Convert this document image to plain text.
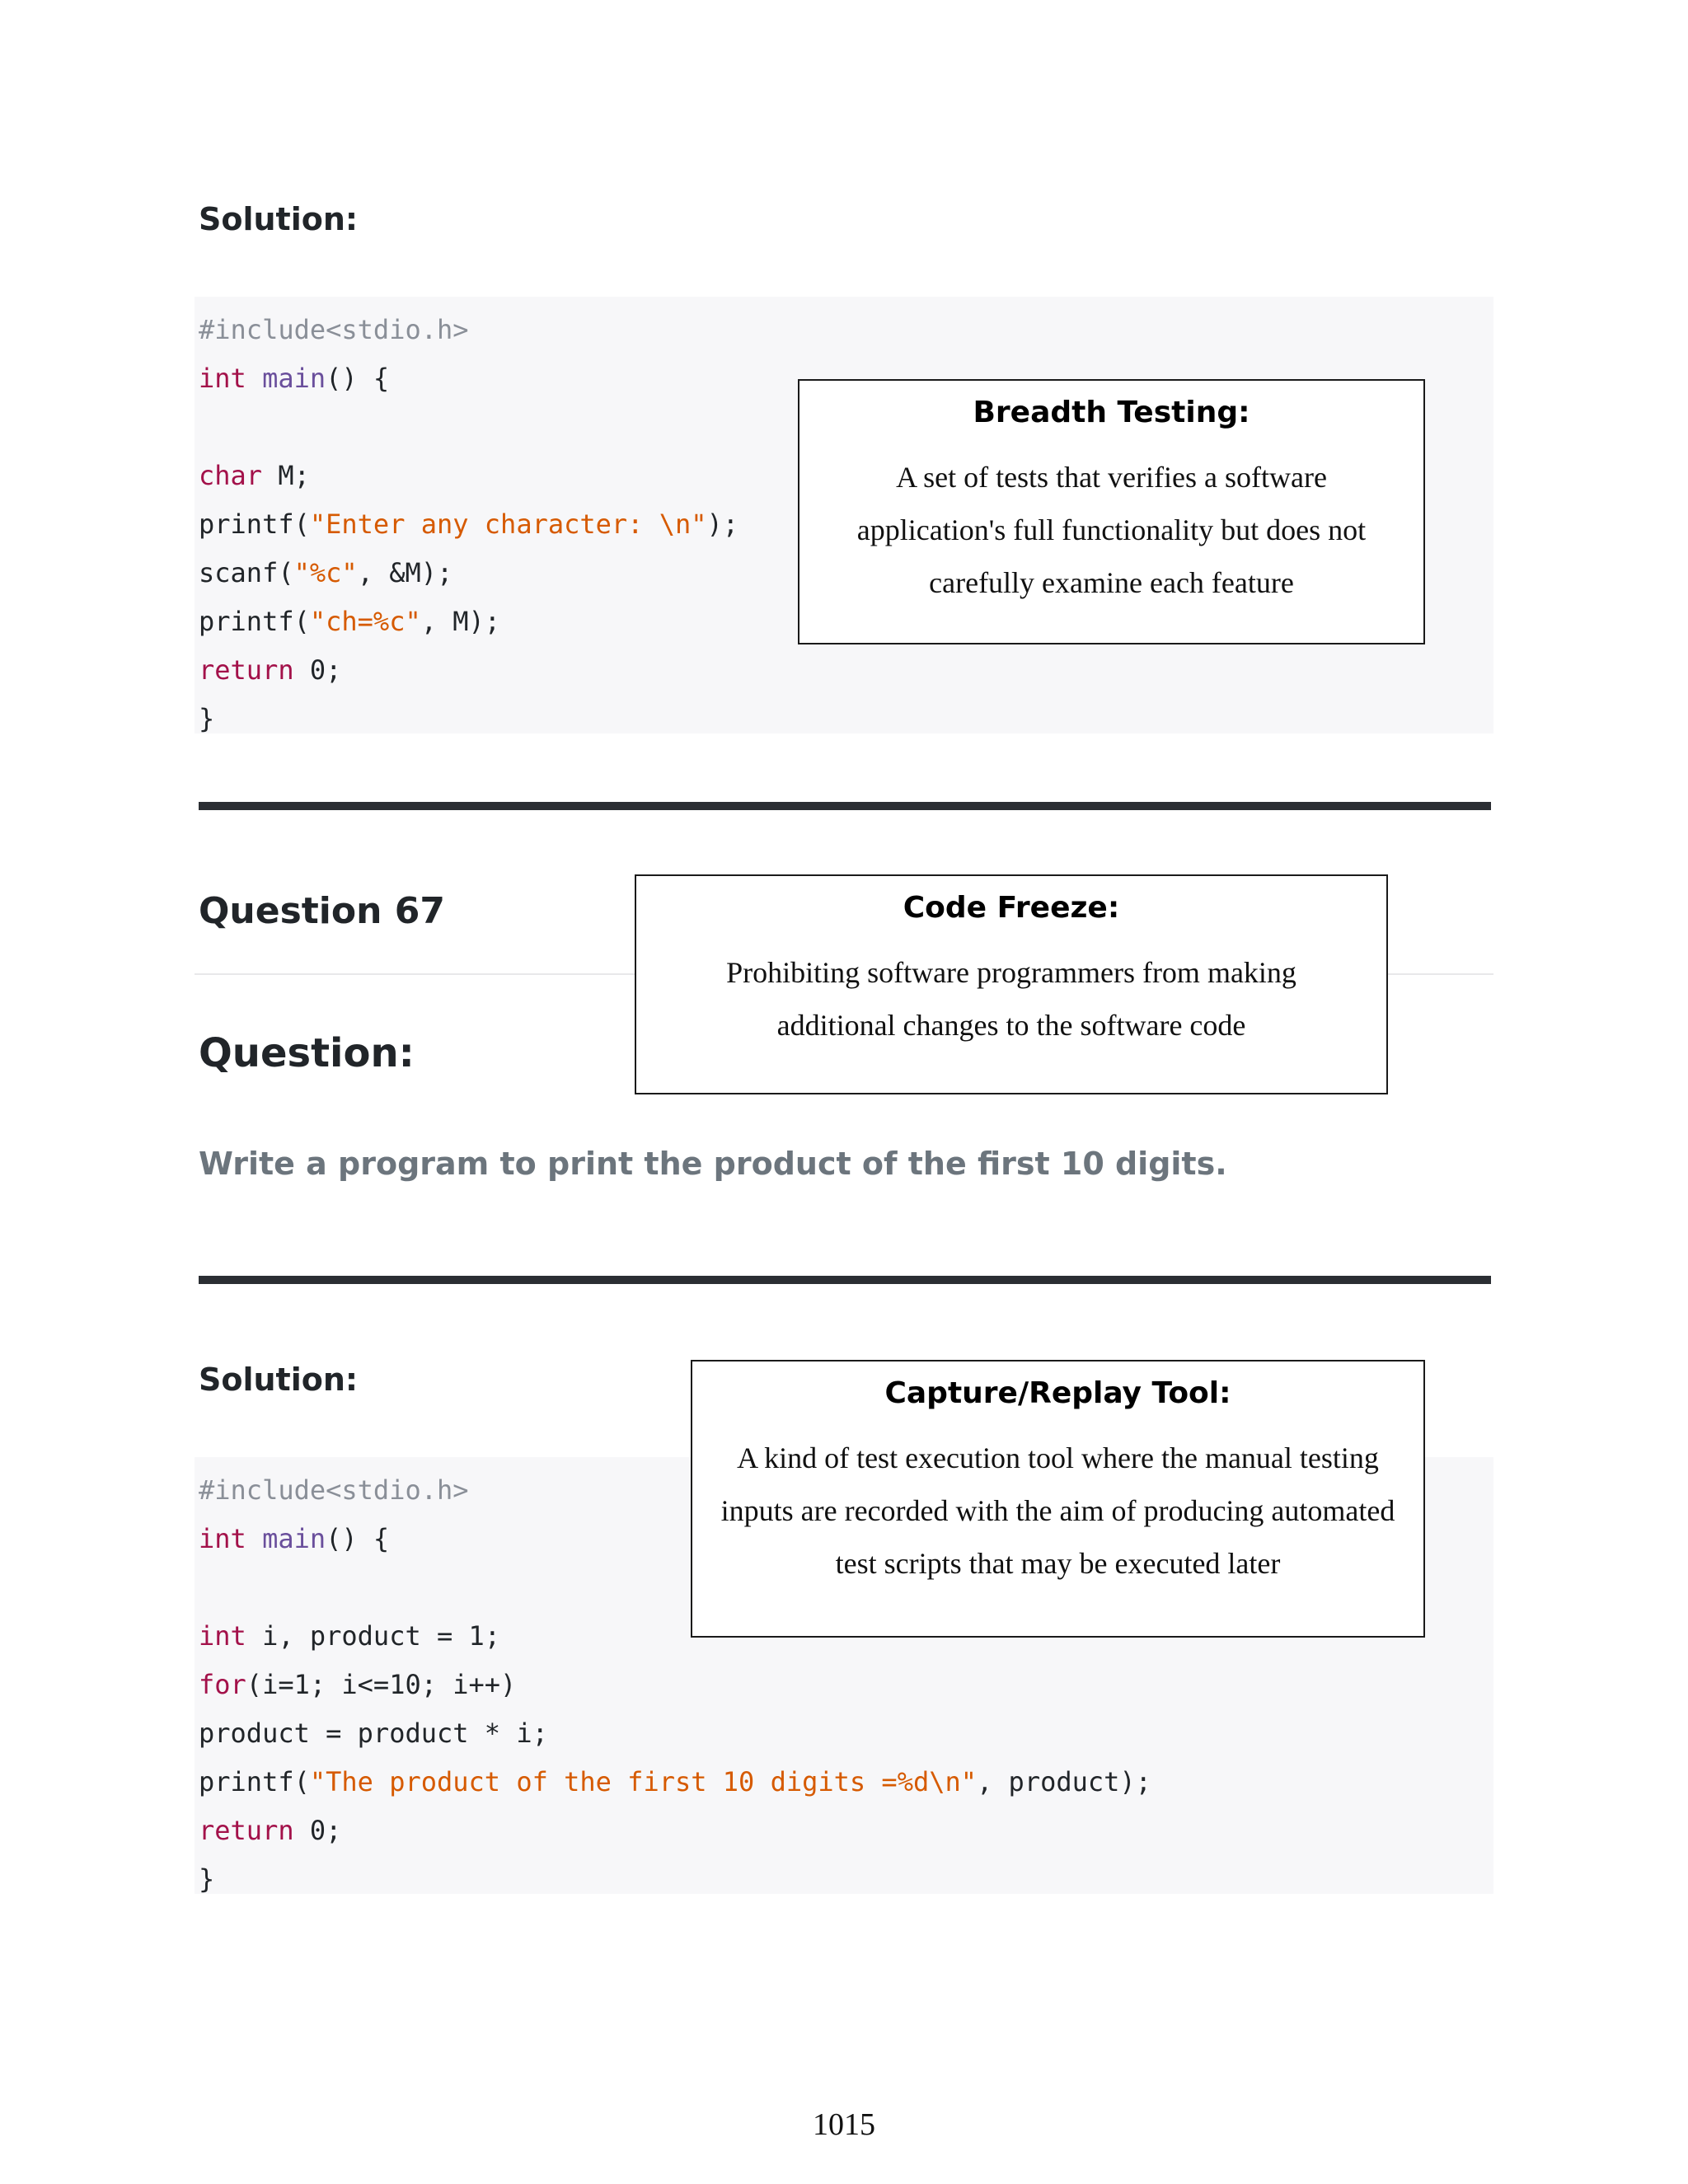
Solution:
#include<stdio.h>
int main() {
char M;
printf("Enter any character: \n");
scanf("%c", &M);
printf("ch=%c", M);
return 0;
}
Breadth Testing:
A set of tests that verifies a software application's full functionality but does not carefully examine each feature
Question 67
Question:
Write a program to print the product of the first 10 digits.
Code Freeze:
Prohibiting software programmers from making additional changes to the software code
Solution:
#include<stdio.h>
int main() {
int i, product = 1;
for(i=1; i<=10; i++)
product = product * i;
printf("The product of the first 10 digits =%d\n", product);
return 0;
}
Capture/Replay Tool:
A kind of test execution tool where the manual testing inputs are recorded with the aim of producing automated test scripts that may be executed later
1015
